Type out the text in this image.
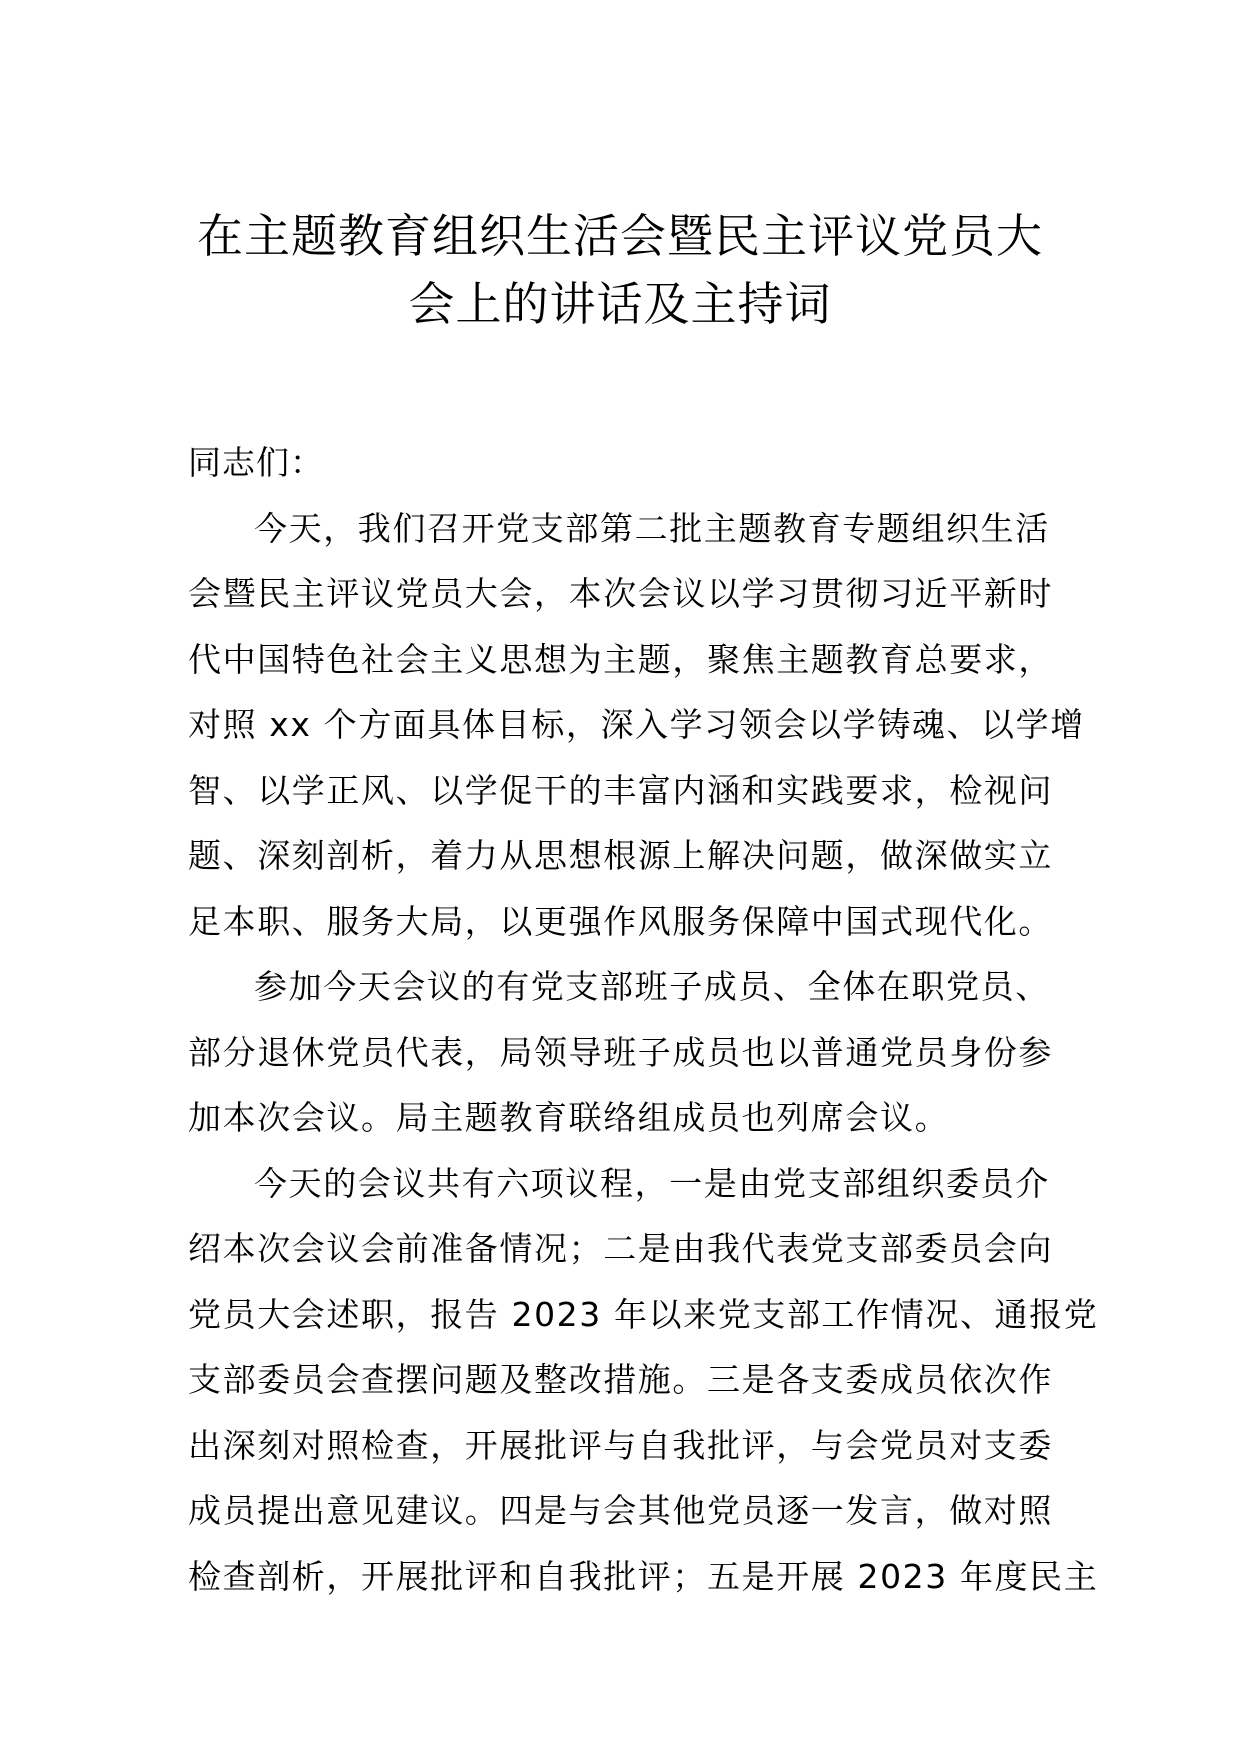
在主题教育组织生活会暨民主评议党员大
会上的讲话及主持词
同志们：
今天，我们召开党支部第二批主题教育专题组织生活
会暨民主评议党员大会，本次会议以学习贯彻习近平新时
代中国特色社会主义思想为主题，聚焦主题教育总要求，
对照 xx 个方面具体目标，深入学习领会以学铸魂、以学增
智、以学正风、以学促干的丰富内涵和实践要求，检视问
题、深刻剖析，着力从思想根源上解决问题，做深做实立
足本职、服务大局，以更强作风服务保障中国式现代化。
参加今天会议的有党支部班子成员、全体在职党员、
部分退休党员代表，局领导班子成员也以普通党员身份参
加本次会议。局主题教育联络组成员也列席会议。
今天的会议共有六项议程，一是由党支部组织委员介
绍本次会议会前准备情况；二是由我代表党支部委员会向
党员大会述职，报告 2023 年以来党支部工作情况、通报党
支部委员会查摆问题及整改措施。三是各支委成员依次作
出深刻对照检查，开展批评与自我批评，与会党员对支委
成员提出意见建议。四是与会其他党员逐一发言，做对照
检查剖析，开展批评和自我批评；五是开展 2023 年度民主
